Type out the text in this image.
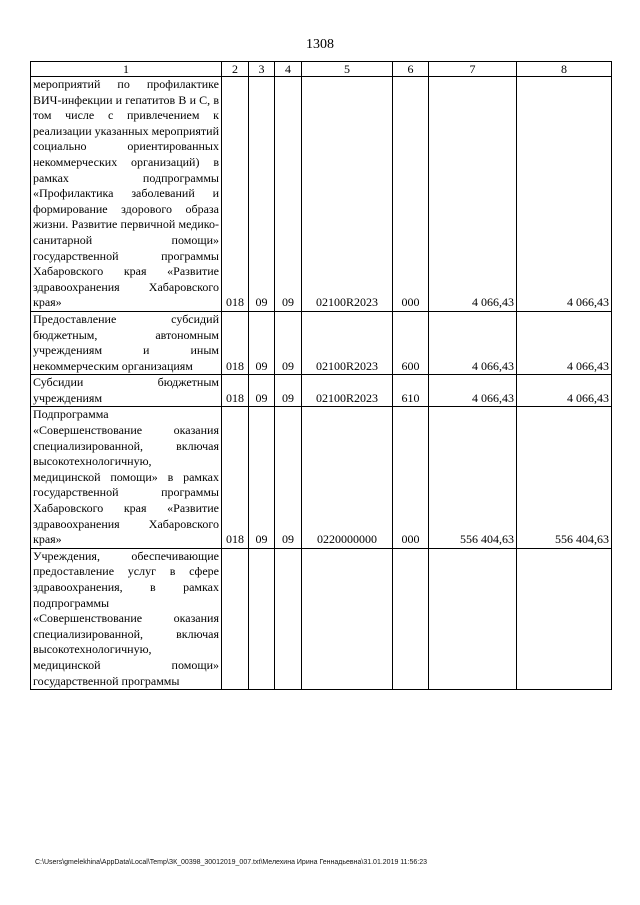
1308
1	2	3	4	5	6	7	8
мероприятий по профилактике ВИЧ-инфекции и гепатитов В и С, в том числе с привлечением к реализации указанных мероприятий социально ориентированных некоммерческих организаций) в рамках подпрограммы «Профилактика заболеваний и формирование здорового образа жизни. Развитие первичной медико-санитарной помощи» государственной программы Хабаровского края «Развитие здравоохранения Хабаровского края»	018	09	09	02100R2023	000	4 066,43	4 066,43
Предоставление субсидий бюджетным, автономным учреждениям и иным некоммерческим организациям	018	09	09	02100R2023	600	4 066,43	4 066,43
Субсидии бюджетным учреждениям	018	09	09	02100R2023	610	4 066,43	4 066,43
Подпрограмма «Совершенствование оказания специализированной, включая высокотехнологичную, медицинской помощи» в рамках государственной программы Хабаровского края «Развитие здравоохранения Хабаровского края»	018	09	09	0220000000	000	556 404,63	556 404,63
Учреждения, обеспечивающие предоставление услуг в сфере здравоохранения, в рамках подпрограммы «Совершенствование оказания специализированной, включая высокотехнологичную, медицинской помощи» государственной программы							
C:\Users\gmelekhina\AppData\Local\Temp\ЗК_00398_30012019_007.txt\Мелехина Ирина Геннадьевна\31.01.2019 11:56:23
